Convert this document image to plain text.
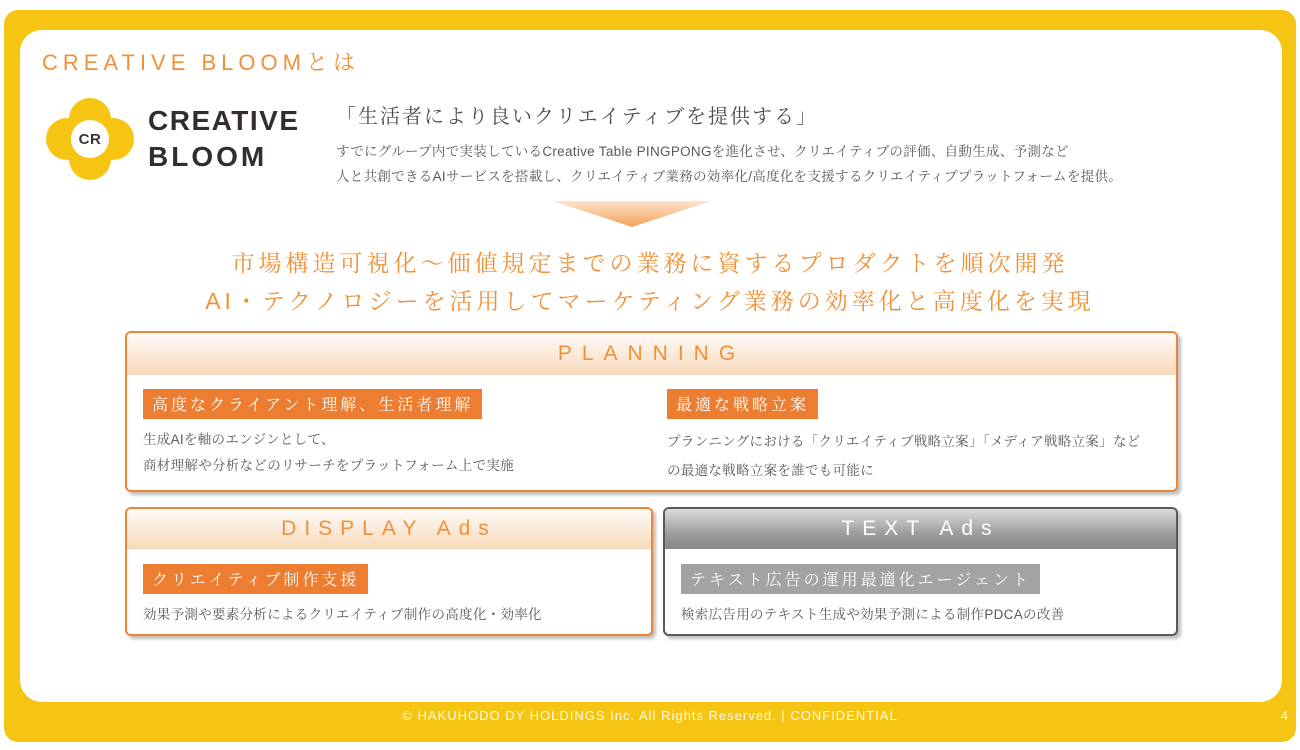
CREATIVE BLOOMとは
CR
CREATIVE
BLOOM
「生活者により良いクリエイティブを提供する」
すでにグループ内で実装しているCreative Table PINGPONGを進化させ、クリエイティブの評価、自動生成、予測など
人と共創できるAIサービスを搭載し、クリエイティブ業務の効率化/高度化を支援するクリエイティブプラットフォームを提供。
市場構造可視化～価値規定までの業務に資するプロダクトを順次開発
AI・テクノロジーを活用してマーケティング業務の効率化と高度化を実現
PLANNING
高度なクライアント理解、生活者理解
生成AIを軸のエンジンとして、
商材理解や分析などのリサーチをプラットフォーム上で実施
最適な戦略立案
プランニングにおける「クリエイティブ戦略立案」「メディア戦略立案」などの最適な戦略立案を誰でも可能に
DISPLAY Ads
クリエイティブ制作支援
効果予測や要素分析によるクリエイティブ制作の高度化・効率化
TEXT Ads
テキスト広告の運用最適化エージェント
検索広告用のテキスト生成や効果予測による制作PDCAの改善
© HAKUHODO DY HOLDINGS Inc. All Rights Reserved. | CONFIDENTIAL	4
